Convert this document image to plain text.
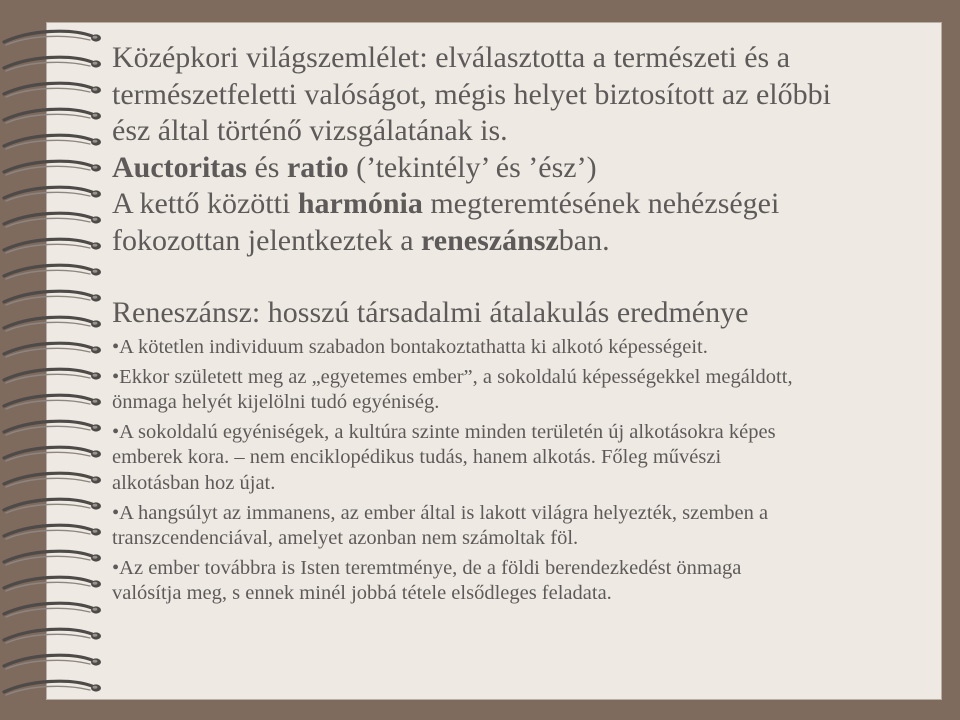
Középkori világszemlélet: elválasztotta a természeti és a

természetfeletti valóságot, mégis helyet biztosított az előbbi

ész által történő vizsgálatának is.

Auctoritas és ratio (’tekintély’ és ’ész’)

A kettő közötti harmónia megteremtésének nehézségei

fokozottan jelentkeztek a reneszánszban.

Reneszánsz: hosszú társadalmi átalakulás eredménye

•A kötetlen individuum szabadon bontakoztathatta ki alkotó képességeit.

•Ekkor született meg az „egyetemes ember”, a sokoldalú képességekkel megáldott,

önmaga helyét kijelölni tudó egyéniség.

•A sokoldalú egyéniségek, a kultúra szinte minden területén új alkotásokra képes

emberek kora. – nem enciklopédikus tudás, hanem alkotás. Főleg művészi

alkotásban hoz újat.

•A hangsúlyt az immanens, az ember által is lakott világra helyezték, szemben a

transzcendenciával, amelyet azonban nem számoltak föl.

•Az ember továbbra is Isten teremtménye, de a földi berendezkedést önmaga

valósítja meg, s ennek minél jobbá tétele elsődleges feladata.
